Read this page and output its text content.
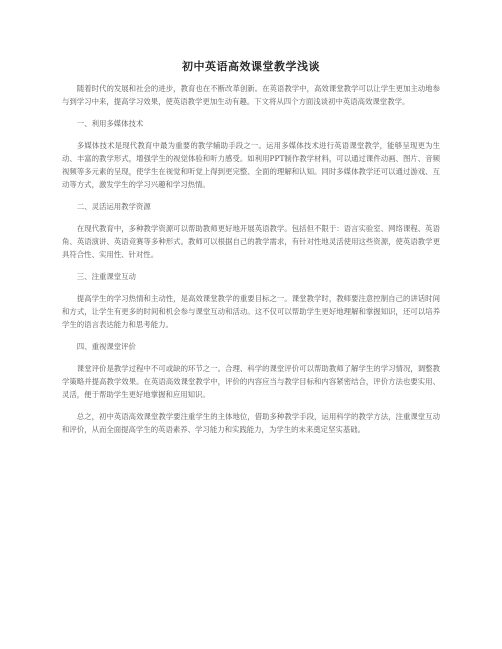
初中英语高效课堂教学浅谈

随着时代的发展和社会的进步，教育也在不断改革创新。在英语教学中，高效课堂教学可以让学生更加主动地参与到学习中来，提高学习效果，使英语教学更加生动有趣。下文将从四个方面浅谈初中英语高效课堂教学。

一、利用多媒体技术

多媒体技术是现代教育中最为重要的教学辅助手段之一。运用多媒体技术进行英语课堂教学，能够呈现更为生动、丰富的教学形式，增强学生的视觉体验和听力感受。如利用PPT制作教学材料，可以通过课件动画、图片、音频视频等多元素的呈现，使学生在视觉和听觉上得到更完整、全面的理解和认知。同时多媒体教学还可以通过游戏、互动等方式，激发学生的学习兴趣和学习热情。

二、灵活运用教学资源

在现代教育中，多种教学资源可以帮助教师更好地开展英语教学。包括但不限于：语言实验室、网络课程、英语角、英语演讲、英语竞赛等多种形式。教师可以根据自己的教学需求，有针对性地灵活使用这些资源，使英语教学更具符合性、实用性、针对性。

三、注重课堂互动

提高学生的学习热情和主动性，是高效课堂教学的重要目标之一。课堂教学时，教师要注意控制自己的讲话时间和方式，让学生有更多的时间和机会参与课堂互动和活动。这不仅可以帮助学生更好地理解和掌握知识，还可以培养学生的语言表达能力和思考能力。

四、重视课堂评价

课堂评价是教学过程中不可或缺的环节之一。合理、科学的课堂评价可以帮助教师了解学生的学习情况，调整教学策略并提高教学效果。在英语高效课堂教学中，评价的内容应当与教学目标和内容紧密结合，评价方法也要实用、灵活，便于帮助学生更好地掌握和应用知识。

总之，初中英语高效课堂教学要注重学生的主体地位，借助多种教学手段，运用科学的教学方法，注重课堂互动和评价，从而全面提高学生的英语素养、学习能力和实践能力，为学生的未来奠定坚实基础。
